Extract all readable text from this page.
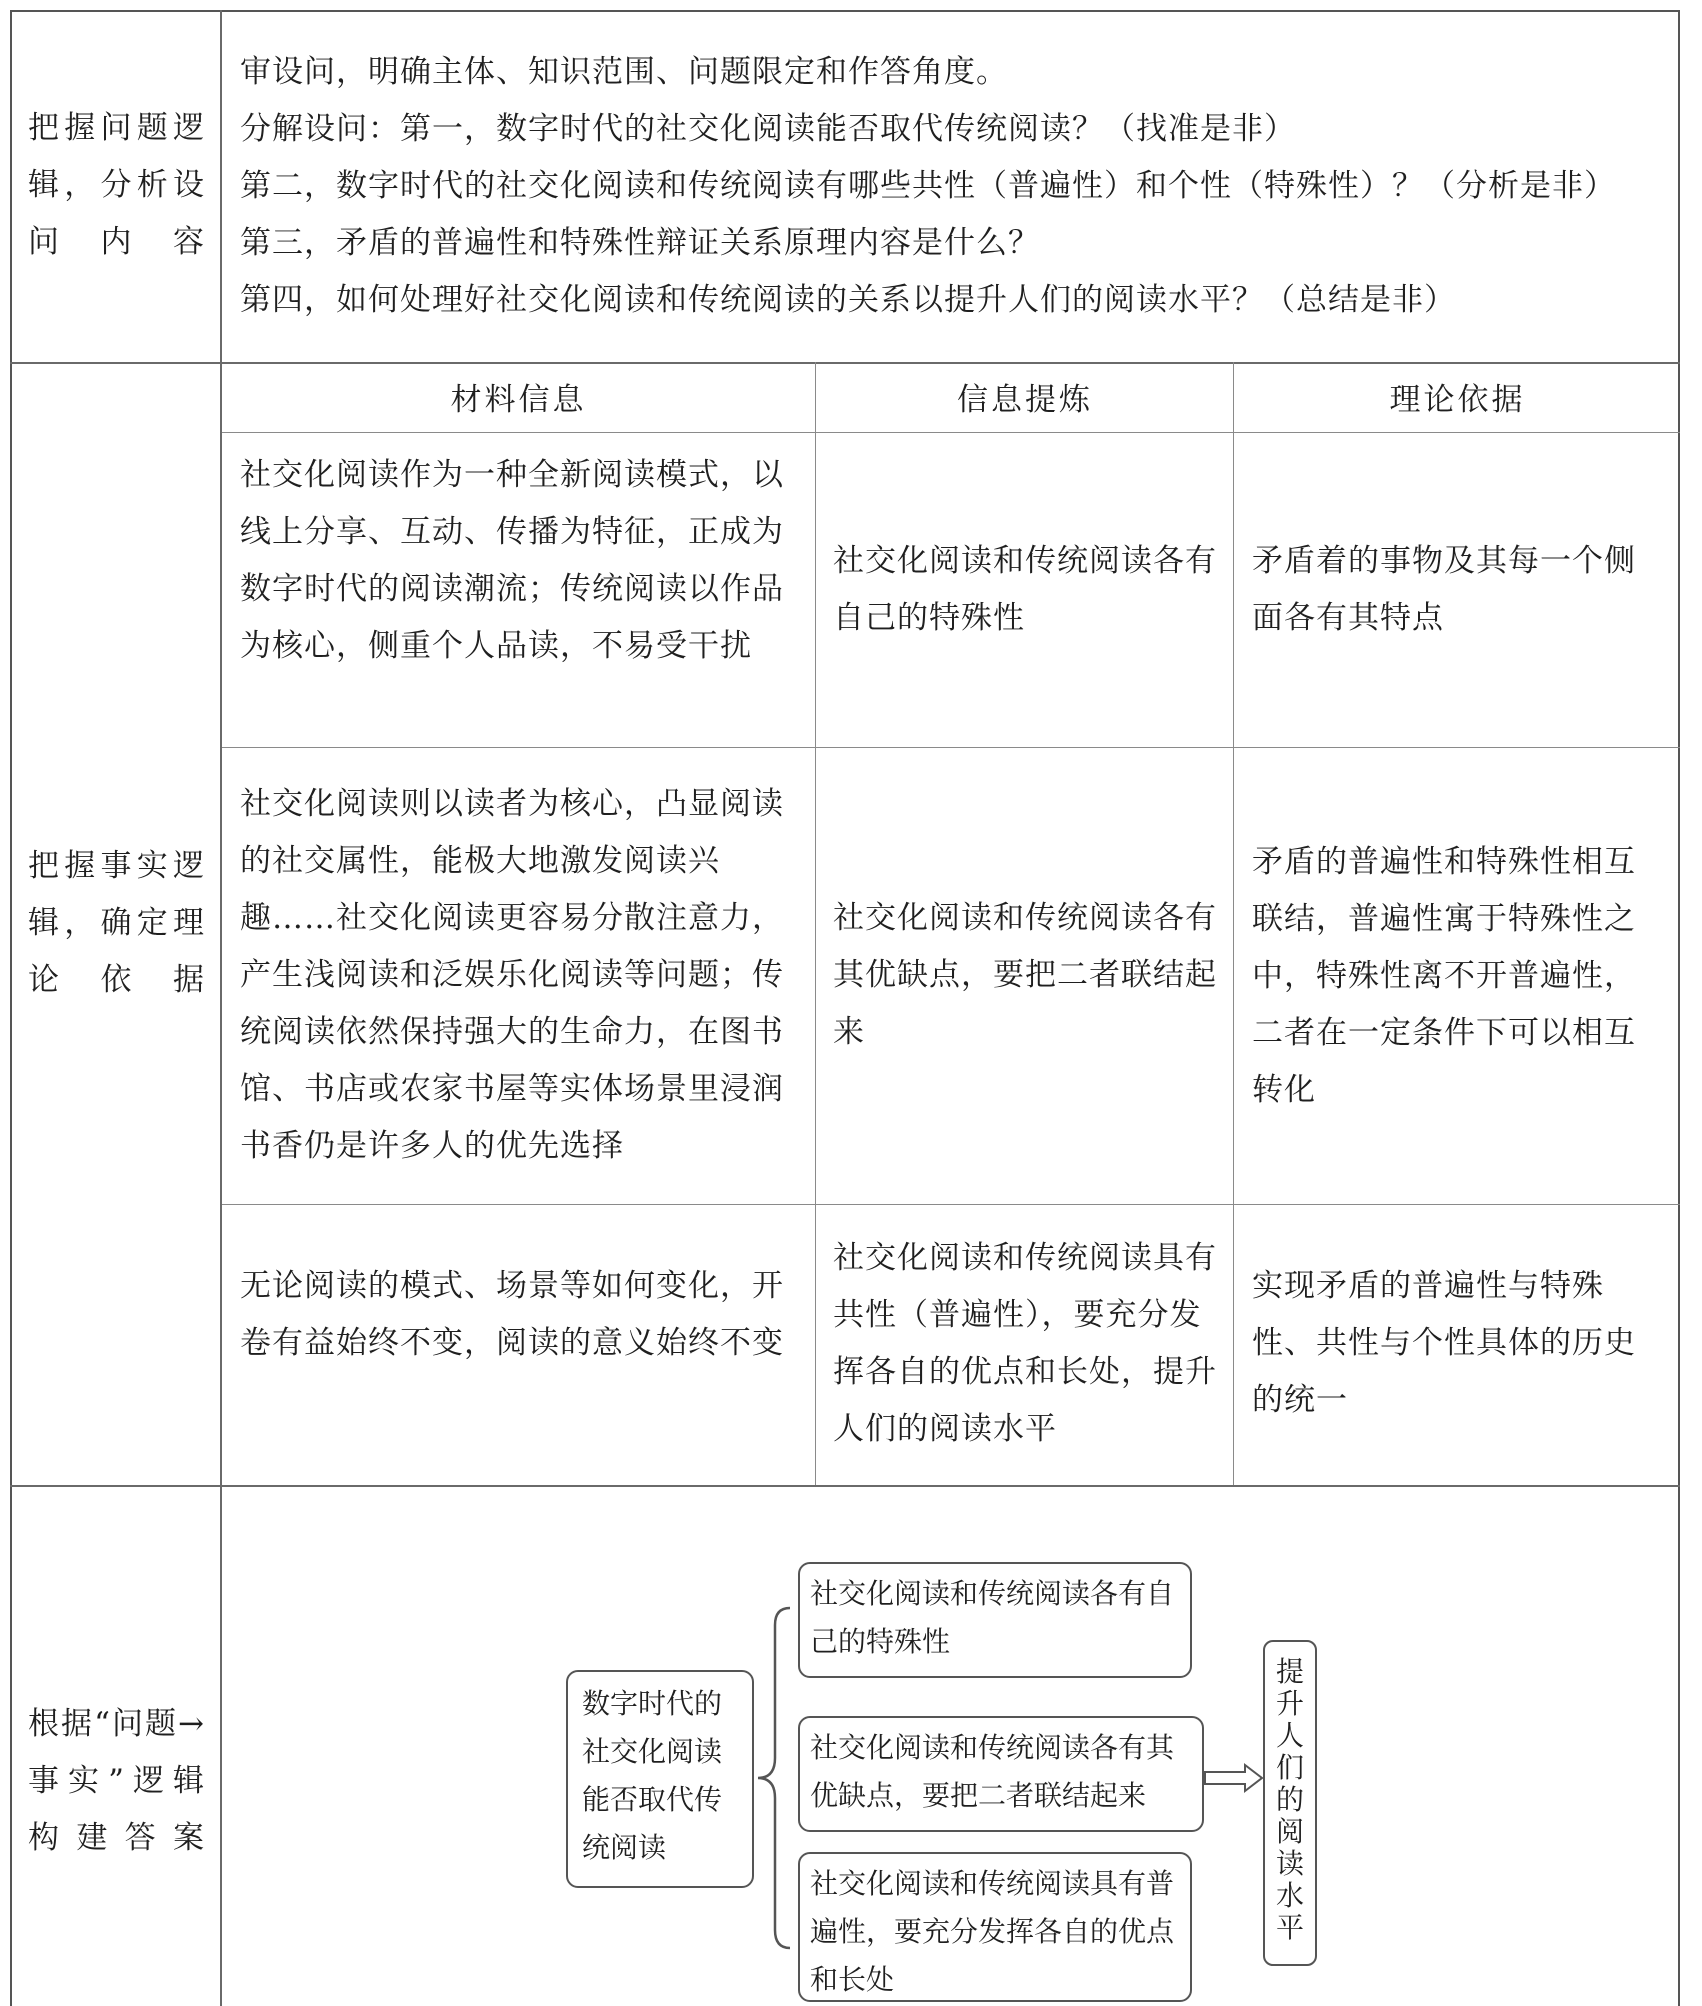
把握问题逻辑，分析设问内容
审设问，明确主体、知识范围、问题限定和作答角度。
分解设问：第一，数字时代的社交化阅读能否取代传统阅读？（找准是非）
第二，数字时代的社交化阅读和传统阅读有哪些共性（普遍性）和个性（特殊性）？（分析是非）
第三，矛盾的普遍性和特殊性辩证关系原理内容是什么？
第四，如何处理好社交化阅读和传统阅读的关系以提升人们的阅读水平？（总结是非）
把握事实逻辑，确定理论依据
材料信息	信息提炼	理论依据
社交化阅读作为一种全新阅读模式，以线上分享、互动、传播为特征，正成为数字时代的阅读潮流；传统阅读以作品为核心，侧重个人品读，不易受干扰
社交化阅读和传统阅读各有自己的特殊性
矛盾着的事物及其每一个侧面各有其特点
社交化阅读则以读者为核心，凸显阅读的社交属性，能极大地激发阅读兴趣……社交化阅读更容易分散注意力，产生浅阅读和泛娱乐化阅读等问题；传统阅读依然保持强大的生命力，在图书馆、书店或农家书屋等实体场景里浸润书香仍是许多人的优先选择
社交化阅读和传统阅读各有其优缺点，要把二者联结起来
矛盾的普遍性和特殊性相互联结，普遍性寓于特殊性之中，特殊性离不开普遍性，二者在一定条件下可以相互转化
无论阅读的模式、场景等如何变化，开卷有益始终不变，阅读的意义始终不变
社交化阅读和传统阅读具有共性（普遍性），要充分发挥各自的优点和长处，提升人们的阅读水平
实现矛盾的普遍性与特殊性、共性与个性具体的历史的统一
根据“问题→事实”逻辑构建答案
数字时代的社交化阅读能否取代传统阅读
社交化阅读和传统阅读各有自己的特殊性
社交化阅读和传统阅读各有其优缺点，要把二者联结起来
社交化阅读和传统阅读具有普遍性，要充分发挥各自的优点和长处
提
升
人
们
的
阅
读
水
平
